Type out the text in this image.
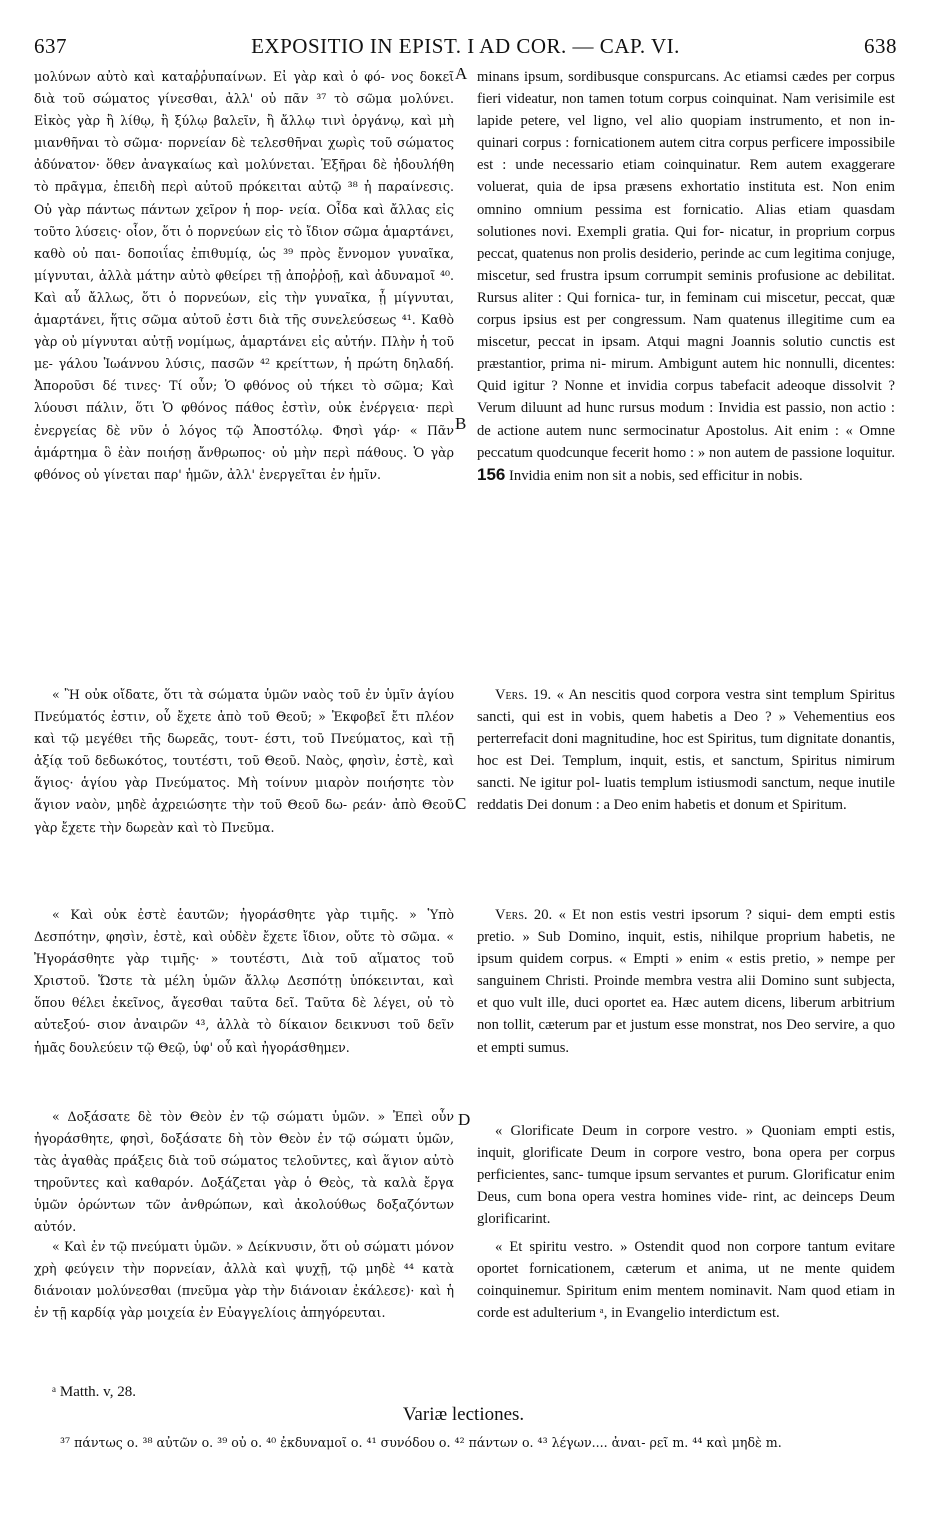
637	EXPOSITIO IN EPIST. I AD COR. — CAP. VI.	638

μολύνων αὐτὸ καὶ καταῤῥυπαίνων. Εἰ γὰρ καὶ ὁ φό- νος δοκεῖ διὰ τοῦ σώματος γίνεσθαι, ἀλλ' οὐ πᾶν ³⁷ τὸ σῶμα μολύνει. Εἰκὸς γὰρ ἢ λίθῳ, ἢ ξύλῳ βαλεῖν, ἢ ἄλλῳ τινὶ ὀργάνῳ, καὶ μὴ μιανθῆναι τὸ σῶμα· πορνείαν δὲ τελεσθῆναι χωρὶς τοῦ σώματος ἀδύνατον· ὅθεν ἀναγκαίως καὶ μολύνεται. Ἐξῆραι δὲ ἠδουλήθη τὸ πρᾶγμα, ἐπειδὴ περὶ αὐτοῦ πρόκειται αὐτῷ ³⁸ ἡ παραίνεσις. Οὐ γὰρ πάντως πάντων χεῖρον ἡ πορ- νεία. Οἶδα καὶ ἄλλας εἰς τοῦτο λύσεις· οἷον, ὅτι ὁ πορνεύων εἰς τὸ ἴδιον σῶμα ἁμαρτάνει, καθὸ οὐ παι- δοποιΐας ἐπιθυμίᾳ, ὡς ³⁹ πρὸς ἔννομον γυναῖκα, μίγνυται, ἀλλὰ μάτην αὐτὸ φθείρει τῇ ἀποῤῥοῇ, καὶ ἀδυναμοῖ ⁴⁰. Καὶ αὖ ἄλλως, ὅτι ὁ πορνεύων, εἰς τὴν γυναῖκα, ᾗ μίγνυται, ἁμαρτάνει, ἥτις σῶμα αὐτοῦ ἐστι διὰ τῆς συνελεύσεως ⁴¹. Καθὸ γὰρ οὐ μίγνυται αὐτῇ νομίμως, ἁμαρτάνει εἰς αὐτήν. Πλὴν ἡ τοῦ με- γάλου Ἰωάννου λύσις, πασῶν ⁴² κρείττων, ἡ πρώτη δηλαδή. Ἀποροῦσι δέ τινες· Τί οὖν; Ὁ φθόνος οὐ τήκει τὸ σῶμα; Καὶ λύουσι πάλιν, ὅτι Ὁ φθόνος πάθος ἐστὶν, οὐκ ἐνέργεια· περὶ ἐνεργείας δὲ νῦν ὁ λόγος τῷ Ἀποστόλῳ. Φησὶ γάρ· « Πᾶν ἁμάρτημα ὃ ἐὰν ποιήσῃ ἄνθρωπος· οὐ μὴν περὶ πάθους. Ὁ γὰρ φθόνος οὐ γίνεται παρ' ἡμῶν, ἀλλ' ἐνεργεῖται ἐν ἡμῖν.

« Ἢ οὐκ οἴδατε, ὅτι τὰ σώματα ὑμῶν ναὸς τοῦ ἐν ὑμῖν ἁγίου Πνεύματός ἐστιν, οὗ ἔχετε ἀπὸ τοῦ Θεοῦ; » Ἐκφοβεῖ ἔτι πλέον καὶ τῷ μεγέθει τῆς δωρεᾶς, τουτ- έστι, τοῦ Πνεύματος, καὶ τῇ ἀξίᾳ τοῦ δεδωκότος, τουτέστι, τοῦ Θεοῦ. Ναὸς, φησὶν, ἐστὲ, καὶ ἅγιος· ἁγίου γὰρ Πνεύματος. Μὴ τοίνυν μιαρὸν ποιήσητε τὸν ἅγιον ναὸν, μηδὲ ἀχρειώσητε τὴν τοῦ Θεοῦ δω- ρεάν· ἀπὸ Θεοῦ γὰρ ἔχετε τὴν δωρεὰν καὶ τὸ Πνεῦμα.

« Καὶ οὐκ ἐστὲ ἑαυτῶν; ἠγοράσθητε γὰρ τιμῆς. » Ὑπὸ Δεσπότην, φησὶν, ἐστὲ, καὶ οὐδὲν ἔχετε ἴδιον, οὔτε τὸ σῶμα. « Ἠγοράσθητε γὰρ τιμῆς· » τουτέστι, Διὰ τοῦ αἵματος τοῦ Χριστοῦ. Ὥστε τὰ μέλη ὑμῶν ἄλλῳ Δεσπότῃ ὑπόκεινται, καὶ ὅπου θέλει ἐκεῖνος, ἄγεσθαι ταῦτα δεῖ. Ταῦτα δὲ λέγει, οὐ τὸ αὐτεξού- σιον ἀναιρῶν ⁴³, ἀλλὰ τὸ δίκαιον δεικνυσι τοῦ δεῖν ἡμᾶς δουλεύειν τῷ Θεῷ, ὑφ' οὗ καὶ ἠγοράσθημεν.

« Δοξάσατε δὲ τὸν Θεὸν ἐν τῷ σώματι ὑμῶν. » Ἐπεὶ οὖν ἠγοράσθητε, φησὶ, δοξάσατε δὴ τὸν Θεὸν ἐν τῷ σώματι ὑμῶν, τὰς ἀγαθὰς πράξεις διὰ τοῦ σώματος τελοῦντες, καὶ ἅγιον αὐτὸ τηροῦντες καὶ καθαρόν. Δοξάζεται γὰρ ὁ Θεὸς, τὰ καλὰ ἔργα ὑμῶν ὁρώντων τῶν ἀνθρώπων, καὶ ἀκολούθως δοξαζόντων αὐτόν.

« Καὶ ἐν τῷ πνεύματι ὑμῶν. » Δείκνυσιν, ὅτι οὐ σώματι μόνον χρὴ φεύγειν τὴν πορνείαν, ἀλλὰ καὶ ψυχῇ, τῷ μηδὲ ⁴⁴ κατὰ διάνοιαν μολύνεσθαι (πνεῦμα γὰρ τὴν διάνοιαν ἐκάλεσε)· καὶ ἡ ἐν τῇ καρδίᾳ γὰρ μοιχεία ἐν Εὐαγγελίοις ἀπηγόρευται.

A
B
C
D

minans ipsum, sordibusque conspurcans. Ac etiamsi cædes per corpus fieri videatur, non tamen totum corpus coinquinat. Nam verisimile est lapide petere, vel ligno, vel alio quopiam instrumento, et non in- quinari corpus : fornicationem autem citra corpus perficere impossibile est : unde necessario etiam coinquinatur. Rem autem exaggerare voluerat, quia de ipsa præsens exhortatio instituta est. Non enim omnino omnium pessima est fornicatio. Alias etiam quasdam solutiones novi. Exempli gratia. Qui for- nicatur, in proprium corpus peccat, quatenus non prolis desiderio, perinde ac cum legitima conjuge, miscetur, sed frustra ipsum corrumpit seminis profusione ac debilitat. Rursus aliter : Qui fornica- tur, in feminam cui miscetur, peccat, quæ corpus ipsius est per congressum. Nam quatenus illegitime cum ea miscetur, peccat in ipsam. Atqui magni Joannis solutio cunctis est præstantior, prima ni- mirum. Ambigunt autem hic nonnulli, dicentes: Quid igitur ? Nonne et invidia corpus tabefacit adeoque dissolvit ? Verum diluunt ad hunc rursus modum : Invidia est passio, non actio : de actione autem nunc sermocinatur Apostolus. Ait enim : « Omne peccatum quodcunque fecerit homo : » non autem de passione loquitur. 156 Invidia enim non sit a nobis, sed efficitur in nobis.

Vers. 19. « An nescitis quod corpora vestra sint templum Spiritus sancti, qui est in vobis, quem habetis a Deo ? » Vehementius eos perterrefacit doni magnitudine, hoc est Spiritus, tum dignitate donantis, hoc est Dei. Templum, inquit, estis, et sanctum, Spiritus nimirum sancti. Ne igitur pol- luatis templum istiusmodi sanctum, neque inutile reddatis Dei donum : a Deo enim habetis et donum et Spiritum.

Vers. 20. « Et non estis vestri ipsorum ? siqui- dem empti estis pretio. » Sub Domino, inquit, estis, nihilque proprium habetis, ne ipsum quidem corpus. « Empti » enim « estis pretio, » nempe per sanguinem Christi. Proinde membra vestra alii Domino sunt subjecta, et quo vult ille, duci oportet ea. Hæc autem dicens, liberum arbitrium non tollit, cæterum par et justum esse monstrat, nos Deo servire, a quo et empti sumus.

« Glorificate Deum in corpore vestro. » Quoniam empti estis, inquit, glorificate Deum in corpore vestro, bona opera per corpus perficientes, sanc- tumque ipsum servantes et purum. Glorificatur enim Deus, cum bona opera vestra homines vide- rint, ac deinceps Deum glorificarint.

« Et spiritu vestro. » Ostendit quod non corpore tantum evitare oportet fornicationem, cæterum et anima, ut ne mente quidem coinquinemur. Spiritum enim mentem nominavit. Nam quod etiam in corde est adulterium ᵃ, in Evangelio interdictum est.

ᵃ Matth. v, 28.
Variæ lectiones.
³⁷ πάντως ο. ³⁸ αὐτῶν ο. ³⁹ οὐ ο. ⁴⁰ ἐκδυναμοῖ ο. ⁴¹ συνόδου ο. ⁴² πάντων ο. ⁴³ λέγων.... ἀναι- ρεῖ m. ⁴⁴ καὶ μηδὲ m.
